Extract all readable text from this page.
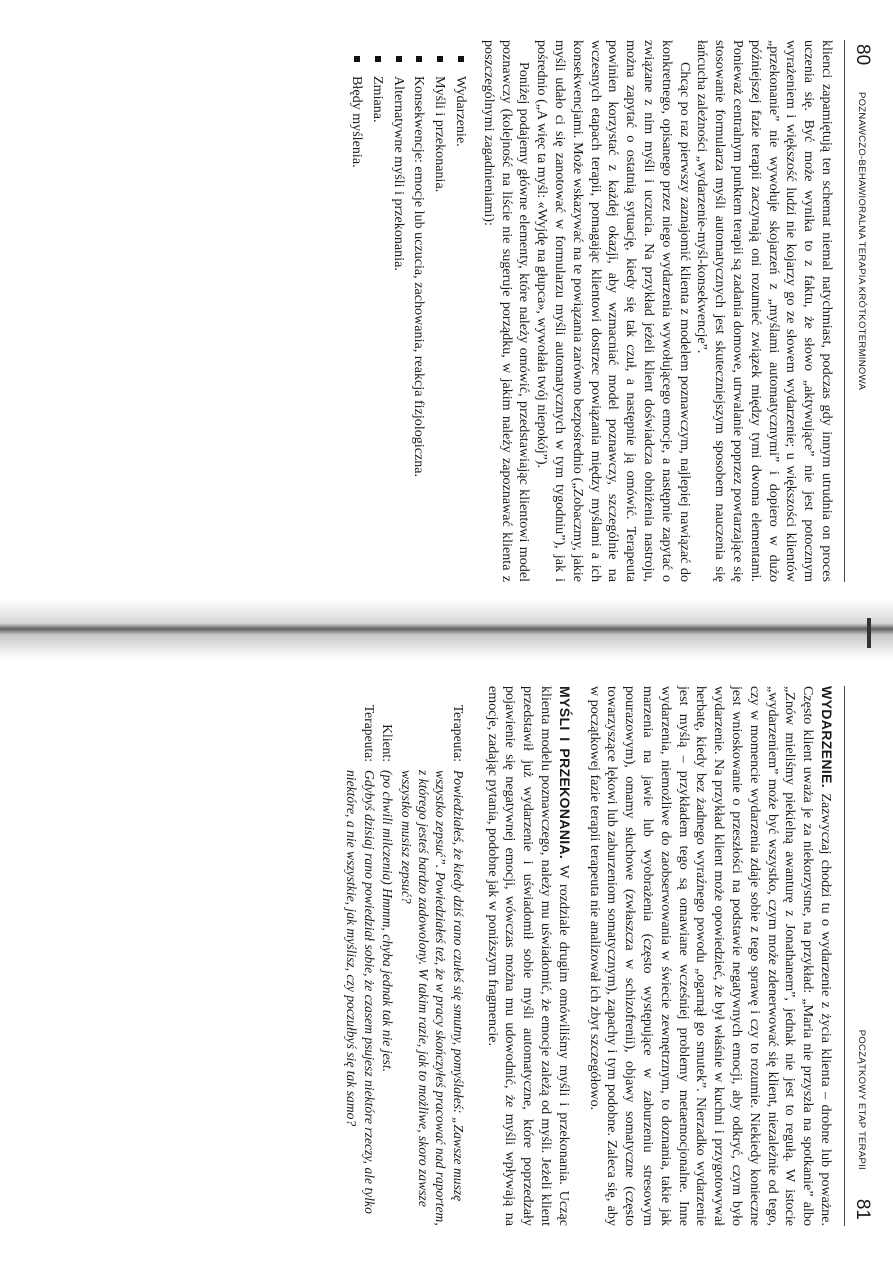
80
POZNAWCZO-BEHAWIORALNA TERAPIA KRÓTKOTERMINOWA

klienci zapamiętują ten schemat niemal natychmiast, podczas gdy innym utrudnia on proces uczenia się. Być może wynika to z faktu, że słowo „aktywujące” nie jest potocznym wyrażeniem i większość ludzi nie kojarzy go ze słowem wydarzenie; u większości klientów „przekonanie” nie wywołuje skojarzeń z „myślami automatycznymi” i dopiero w dużo późniejszej fazie terapii zaczynają oni rozumieć związek między tymi dwoma elementami. Ponieważ centralnym punktem terapii są zadania domowe, utrwalanie poprzez powtarzające się stosowanie formularza myśli automatycznych jest skuteczniejszym sposobem nauczenia się łańcucha zależności „wydarzenie-myśl-konsekwencje”.

Chcąc po raz pierwszy zaznajomić klienta z modelem poznawczym, najlepiej nawiązać do konkretnego, opisanego przez niego wydarzenia wywołującego emocje, a następnie zapytać o związane z nim myśli i uczucia. Na przykład jeżeli klient doświadcza obniżenia nastroju, można zapytać o ostatnią sytuację, kiedy się tak czuł, a następnie ją omówić. Terapeuta powinien korzystać z każdej okazji, aby wzmacniać model poznawczy, szczególnie na wczesnych etapach terapii, pomagając klientowi dostrzec powiązania między myślami a ich konsekwencjami. Może wskazywać na te powiązania zarówno bezpośrednio („Zobaczmy, jakie myśli udało ci się zanotować w formularzu myśli automatycznych w tym tygodniu”), jak i pośrednio („A więc ta myśl: «Wyjdę na głupca», wywołała twój niepokój”).

Poniżej podajemy główne elementy, które należy omówić, przedstawiając klientowi model poznawczy (kolejność na liście nie sugeruje porządku, w jakim należy zapoznawać klienta z poszczególnymi zagadnieniami):

Wydarzenie.
Myśli i przekonania.
Konsekwencje: emocje lub uczucia, zachowania, reakcja fizjologiczna.
Alternatywne myśli i przekonania.
Zmiana.
Błędy myślenia.
POCZĄTKOWY ETAP TERAPII
81

WYDARZENIE. Zazwyczaj chodzi tu o wydarzenie z życia klienta – drobne lub poważne. Często klient uważa je za niekorzystne, na przykład: „Maria nie przyszła na spotkanie” albo „Znów mieliśmy piekielną awanturę z Jonathanem”, jednak nie jest to regułą. W istocie „wydarzeniem” może być wszystko, czym może zdenerwować się klient, niezależnie od tego, czy w momencie wydarzenia zdaje sobie z tego sprawę i czy to rozumie. Niekiedy konieczne jest wnioskowanie o przeszłości na podstawie negatywnych emocji, aby odkryć, czym było wydarzenie. Na przykład klient może opowiedzieć, że był właśnie w kuchni i przygotowywał herbatę, kiedy bez żadnego wyraźnego powodu „ogarnął go smutek”. Nierzadko wydarzenie jest myślą – przykładem tego są omawiane wcześniej problemy metaemocjonalne. Inne wydarzenia, niemożliwe do zaobserwowania w świecie zewnętrznym, to doznania, takie jak marzenia na jawie lub wyobrażenia (często występujące w zaburzeniu stresowym pourazowym), omamy słuchowe (zwłaszcza w schizofrenii), objawy somatyczne (często towarzyszące lękowi lub zaburzeniom somatycznym), zapachy i tym podobne. Zaleca się, aby w początkowej fazie terapii terapeuta nie analizował ich zbyt szczegółowo.

MYŚLI I PRZEKONANIA. W rozdziale drugim omówiliśmy myśli i przekonania. Ucząc klienta modelu poznawczego, należy mu uświadomić, że emocje zależą od myśli. Jeżeli klient przedstawił już wydarzenie i uświadomił sobie myśli automatyczne, które poprzedzały pojawienie się negatywnej emocji, wówczas można mu udowodnić, że myśli wpływają na emocje, zadając pytania, podobne jak w poniższym fragmencie.

Terapeuta:
Powiedziałeś, że kiedy dziś rano czułeś się smutny, pomyślałeś: „Zawsze muszę wszystko zepsuć”. Powiedziałeś też, że w pracy skończyłeś pracować nad raportem, z którego jesteś bardzo zadowolony. W takim razie, jak to możliwe, skoro zawsze wszystko musisz zepsuć?
Klient:
(po chwili milczenia) Hmmm, chyba jednak tak nie jest.
Terapeuta:
Gdybyś dzisiaj rano powiedział sobie, że czasem psujesz niektóre rzeczy, ale tylko niektóre, a nie wszystkie, jak myślisz, czy poczułbyś się tak samo?
